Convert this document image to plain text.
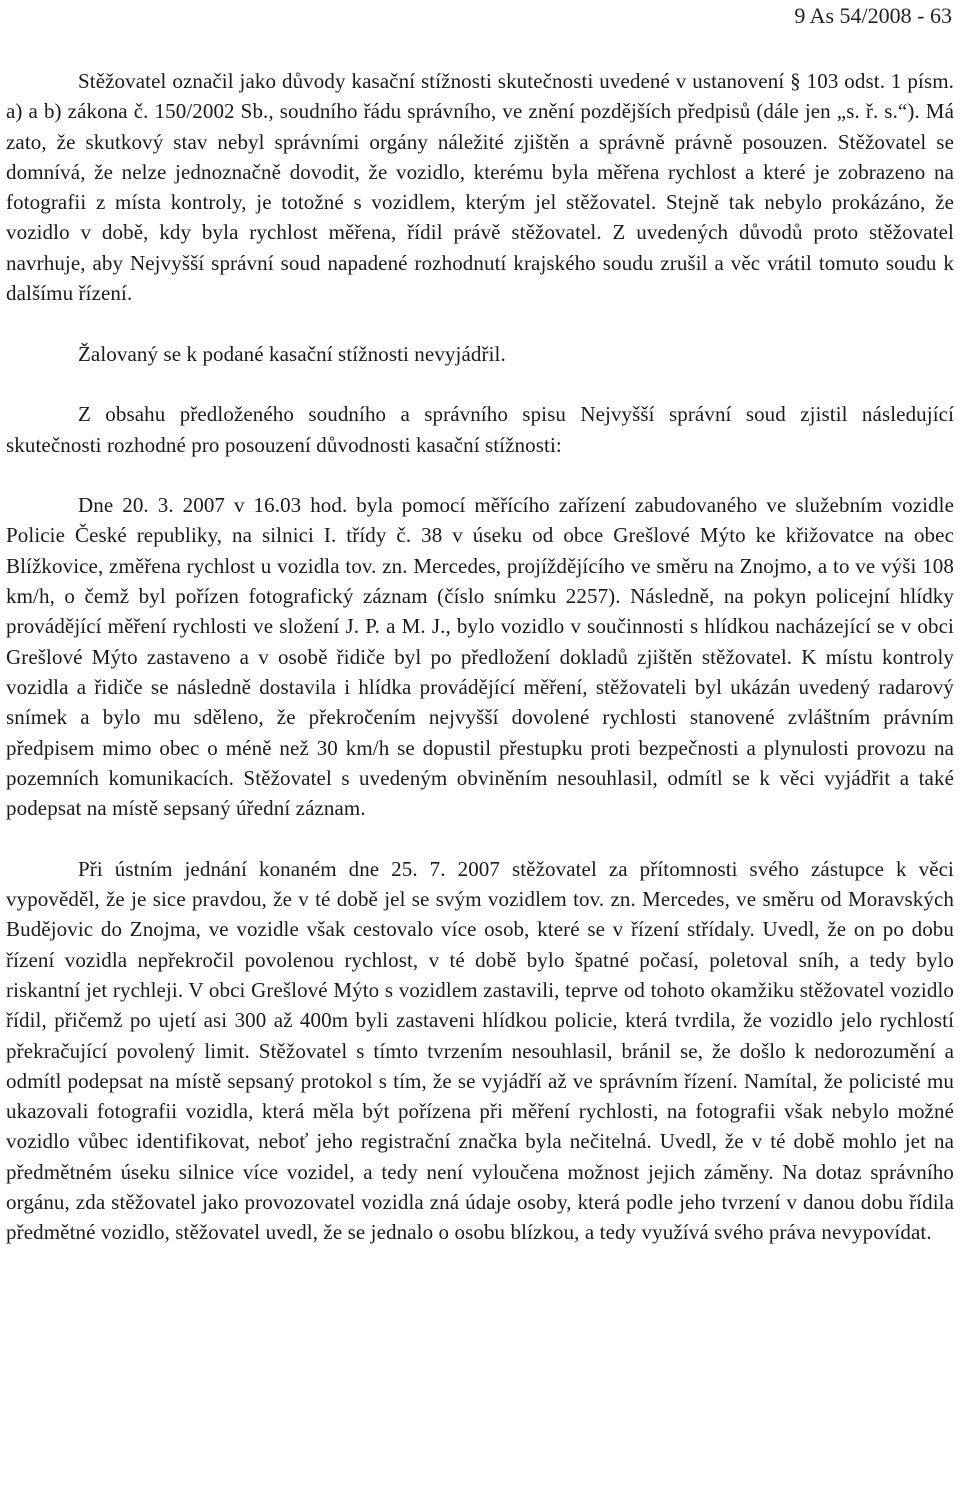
9 As 54/2008 - 63

Stěžovatel označil jako důvody kasační stížnosti skutečnosti uvedené v ustanovení § 103 odst. 1 písm. a) a b) zákona č. 150/2002 Sb., soudního řádu správního, ve znění pozdějších předpisů (dále jen „s. ř. s.“). Má zato, že skutkový stav nebyl správními orgány náležité zjištěn a správně právně posouzen. Stěžovatel se domnívá, že nelze jednoznačně dovodit, že vozidlo, kterému byla měřena rychlost a které je zobrazeno na fotografii z místa kontroly, je totožné s vozidlem, kterým jel stěžovatel. Stejně tak nebylo prokázáno, že vozidlo v době, kdy byla rychlost měřena, řídil právě stěžovatel. Z uvedených důvodů proto stěžovatel navrhuje, aby Nejvyšší správní soud napadené rozhodnutí krajského soudu zrušil a věc vrátil tomuto soudu k dalšímu řízení.

Žalovaný se k podané kasační stížnosti nevyjádřil.

Z obsahu předloženého soudního a správního spisu Nejvyšší správní soud zjistil následující skutečnosti rozhodné pro posouzení důvodnosti kasační stížnosti:

Dne 20. 3. 2007 v 16.03 hod. byla pomocí měřícího zařízení zabudovaného ve služebním vozidle Policie České republiky, na silnici I. třídy č. 38 v úseku od obce Grešlové Mýto ke křižovatce na obec Blížkovice, změřena rychlost u vozidla tov. zn. Mercedes, projíždějícího ve směru na Znojmo, a to ve výši 108 km/h, o čemž byl pořízen fotografický záznam (číslo snímku 2257). Následně, na pokyn policejní hlídky provádějící měření rychlosti ve složení J. P. a M. J., bylo vozidlo v součinnosti s hlídkou nacházející se v obci Grešlové Mýto zastaveno a v osobě řidiče byl po předložení dokladů zjištěn stěžovatel. K místu kontroly vozidla a řidiče se následně dostavila i hlídka provádějící měření, stěžovateli byl ukázán uvedený radarový snímek a bylo mu sděleno, že překročením nejvyšší dovolené rychlosti stanovené zvláštním právním předpisem mimo obec o méně než 30 km/h se dopustil přestupku proti bezpečnosti a plynulosti provozu na pozemních komunikacích. Stěžovatel s uvedeným obviněním nesouhlasil, odmítl se k věci vyjádřit a také podepsat na místě sepsaný úřední záznam.

Při ústním jednání konaném dne 25. 7. 2007 stěžovatel za přítomnosti svého zástupce k věci vypověděl, že je sice pravdou, že v té době jel se svým vozidlem tov. zn. Mercedes, ve směru od Moravských Budějovic do Znojma, ve vozidle však cestovalo více osob, které se v řízení střídaly. Uvedl, že on po dobu řízení vozidla nepřekročil povolenou rychlost, v té době bylo špatné počasí, poletoval sníh, a tedy bylo riskantní jet rychleji. V obci Grešlové Mýto s vozidlem zastavili, teprve od tohoto okamžiku stěžovatel vozidlo řídil, přičemž po ujetí asi 300 až 400m byli zastaveni hlídkou policie, která tvrdila, že vozidlo jelo rychlostí překračující povolený limit. Stěžovatel s tímto tvrzením nesouhlasil, bránil se, že došlo k nedorozumění a odmítl podepsat na místě sepsaný protokol s tím, že se vyjádří až ve správním řízení. Namítal, že policisté mu ukazovali fotografii vozidla, která měla být pořízena při měření rychlosti, na fotografii však nebylo možné vozidlo vůbec identifikovat, neboť jeho registrační značka byla nečitelná. Uvedl, že v té době mohlo jet na předmětném úseku silnice více vozidel, a tedy není vyloučena možnost jejich záměny. Na dotaz správního orgánu, zda stěžovatel jako provozovatel vozidla zná údaje osoby, která podle jeho tvrzení v danou dobu řídila předmětné vozidlo, stěžovatel uvedl, že se jednalo o osobu blízkou, a tedy využívá svého práva nevypovídat.
